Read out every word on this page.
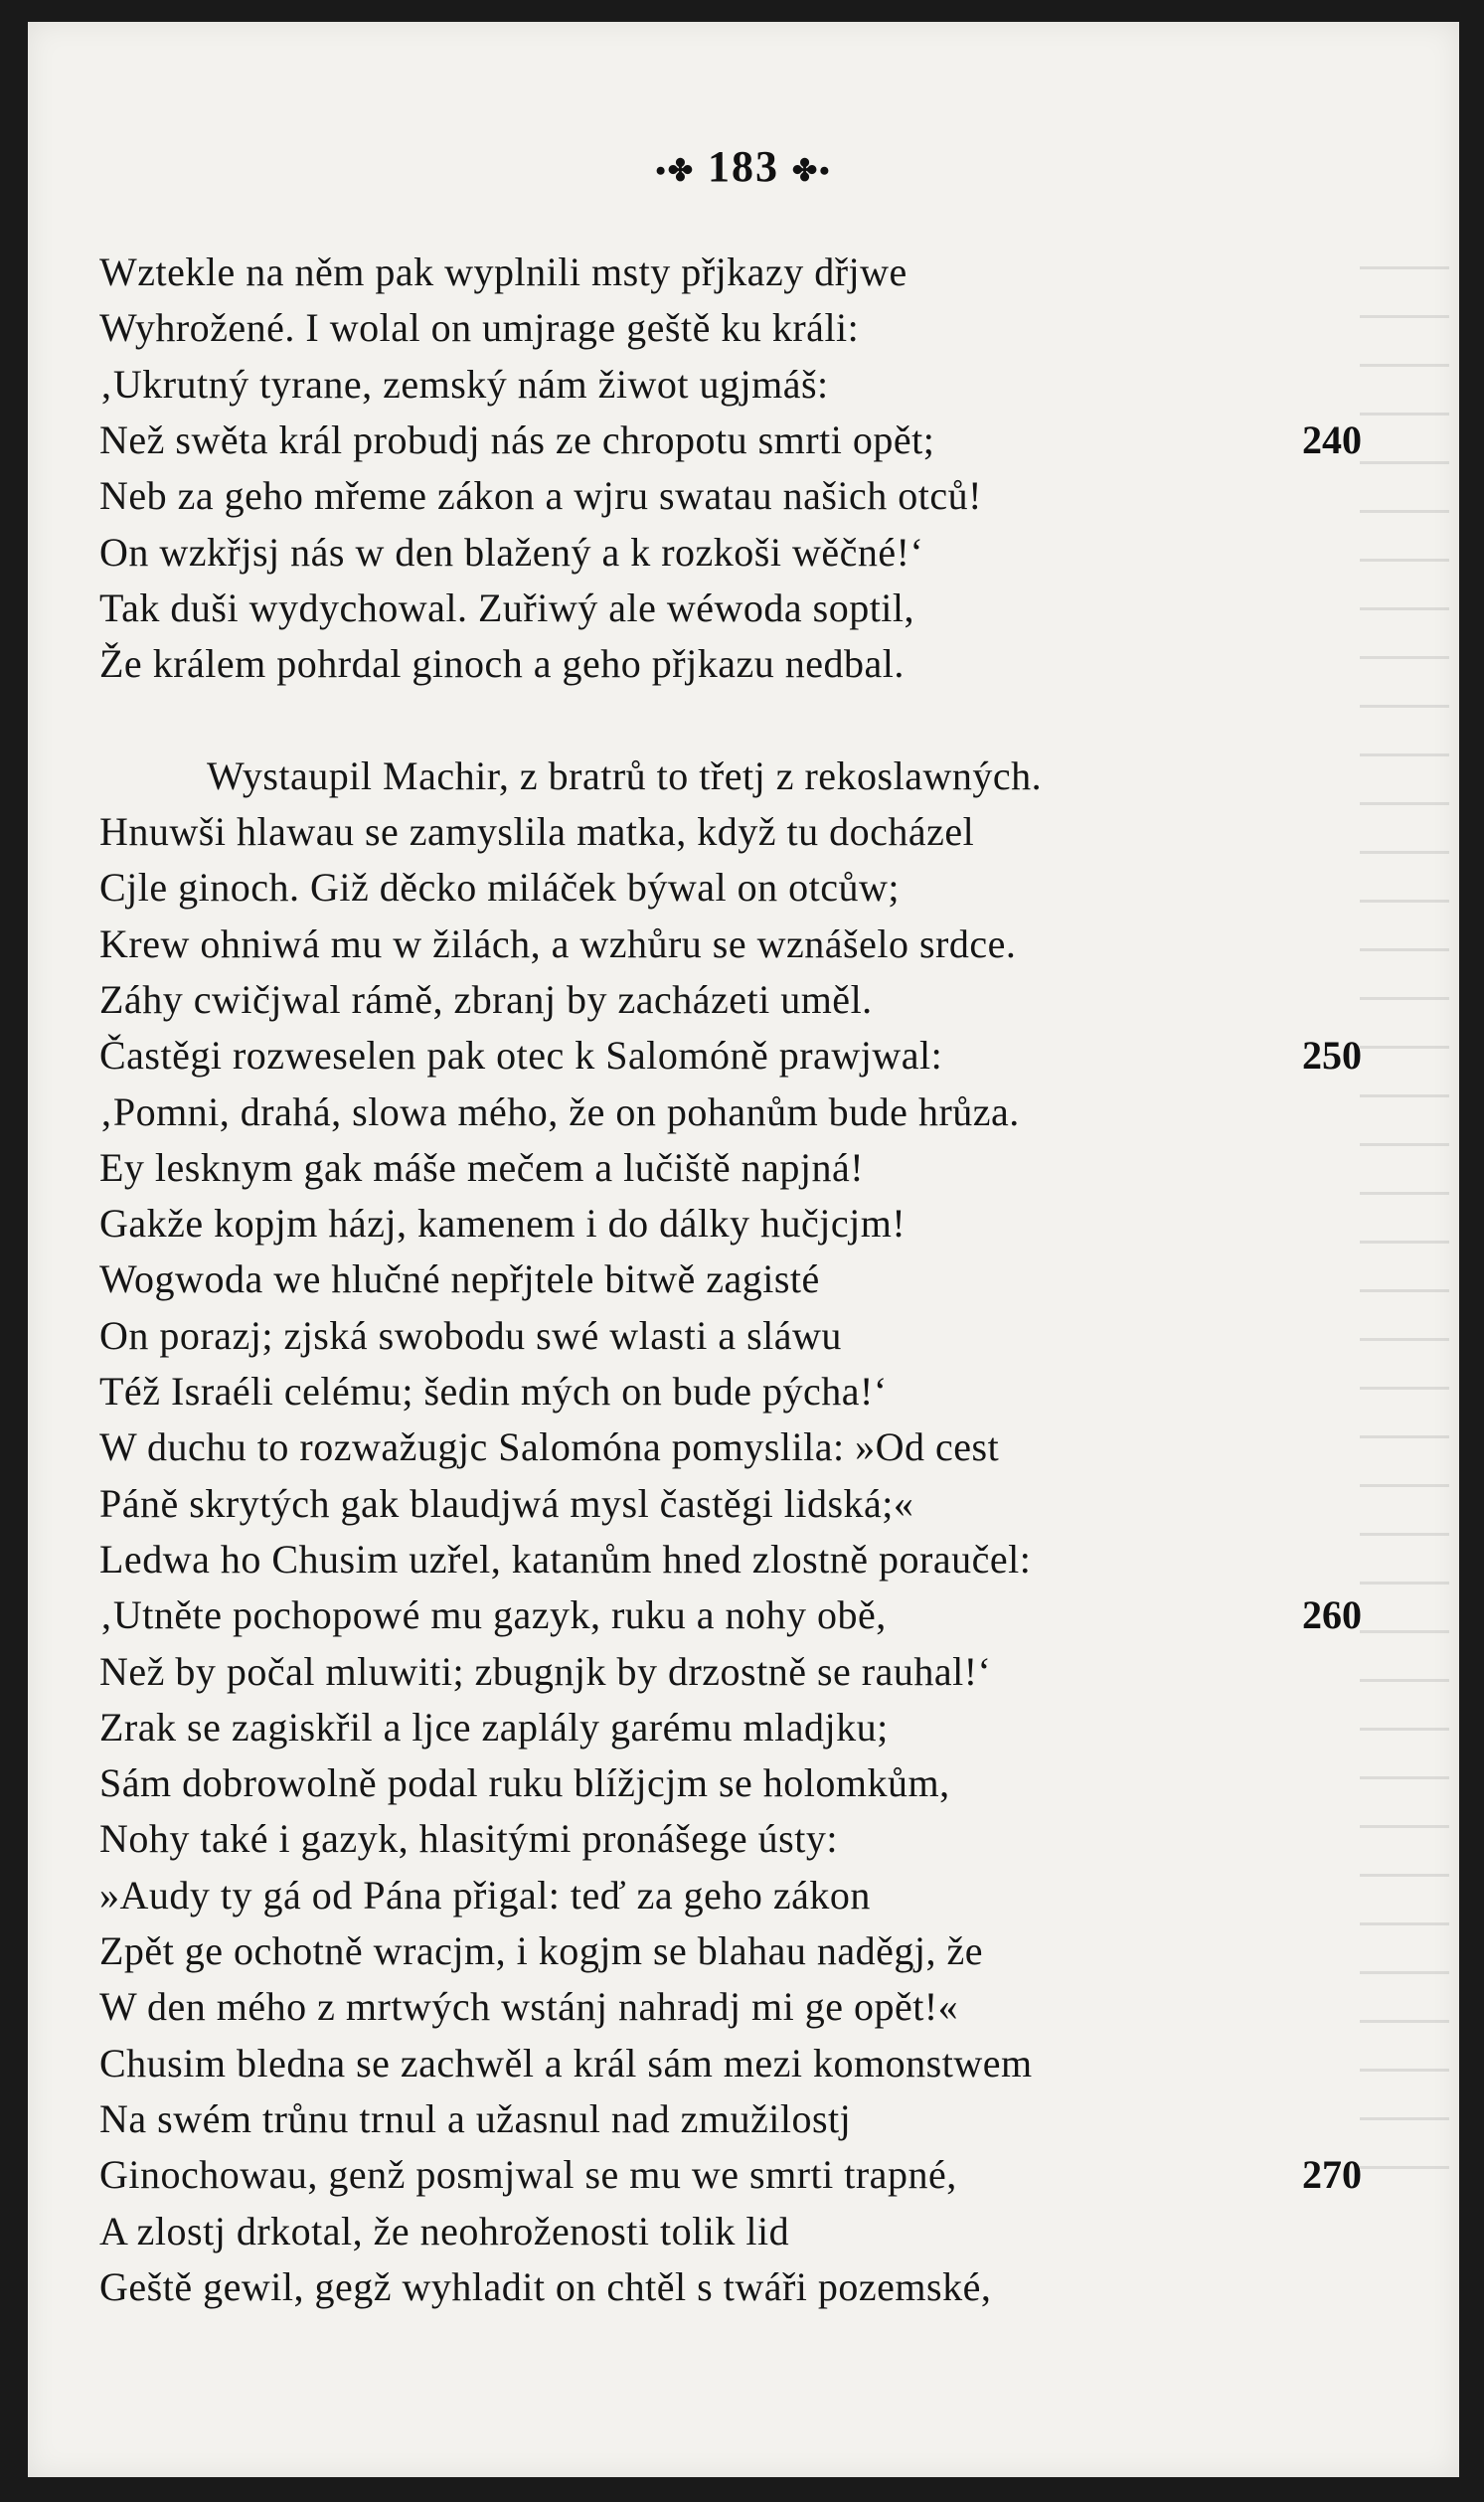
•✤ 183 ✤•
Wztekle na něm pak wyplnili msty přjkazy dřjwe
Wyhrožené. I wolal on umjrage geště ku králi:
‚Ukrutný tyrane, zemský nám žiwot ugjmáš:
Než swěta král probudj nás ze chropotu smrti opět;
Neb za geho mřeme zákon a wjru swatau našich otců!
On wzkřjsj nás w den blažený a k rozkoši wěčné!‘
Tak duši wydychowal. Zuřiwý ale wéwoda soptil,
Že králem pohrdal ginoch a geho přjkazu nedbal.
Wystaupil Machir, z bratrů to třetj z rekoslawných.
Hnuwši hlawau se zamyslila matka, když tu docházel
Cjle ginoch. Giž děcko miláček býwal on otcůw;
Krew ohniwá mu w žilách, a wzhůru se wznášelo srdce.
Záhy cwičjwal rámě, zbranj by zacházeti uměl.
Častěgi rozweselen pak otec k Salomóně prawjwal:
‚Pomni, drahá, slowa mého, že on pohanům bude hrůza.
Ey lesknym gak máše mečem a lučiště napjná!
Gakže kopjm házj, kamenem i do dálky hučjcjm!
Wogwoda we hlučné nepřjtele bitwě zagisté
On porazj; zjská swobodu swé wlasti a sláwu
Též Israéli celému; šedin mých on bude pýcha!‘
W duchu to rozwažugjc Salomóna pomyslila: »Od cest
Páně skrytých gak blaudjwá mysl častěgi lidská;«
Ledwa ho Chusim uzřel, katanům hned zlostně poraučel:
‚Utněte pochopowé mu gazyk, ruku a nohy obě,
Než by počal mluwiti; zbugnjk by drzostně se rauhal!‘
Zrak se zagiskřil a ljce zaplály garému mladjku;
Sám dobrowolně podal ruku blížjcjm se holomkům,
Nohy také i gazyk, hlasitými pronášege ústy:
»Audy ty gá od Pána přigal: teď za geho zákon
Zpět ge ochotně wracjm, i kogjm se blahau naděgj, že
W den mého z mrtwých wstánj nahradj mi ge opět!«
Chusim bledna se zachwěl a král sám mezi komonstwem
Na swém trůnu trnul a užasnul nad zmužilostj
Ginochowau, genž posmjwal se mu we smrti trapné,
A zlostj drkotal, že neohroženosti tolik lid
Geště gewil, gegž wyhladit on chtěl s twáři pozemské,
240
250
260
270
